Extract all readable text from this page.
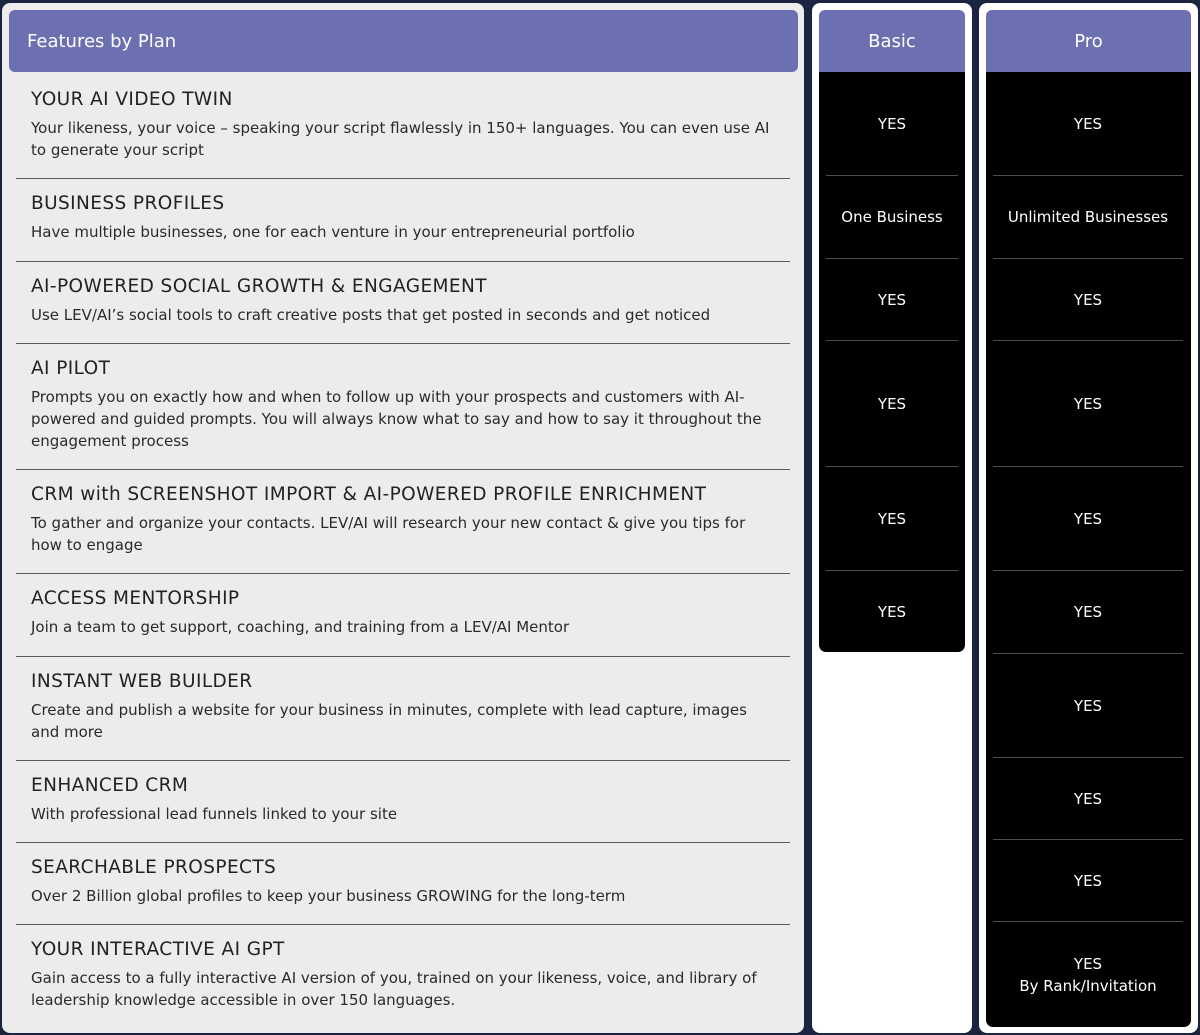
Features by Plan
YOUR AI VIDEO TWIN
Your likeness, your voice – speaking your script flawlessly in 150+ languages. You can even use AI to generate your script
BUSINESS PROFILES
Have multiple businesses, one for each venture in your entrepreneurial portfolio
AI-POWERED SOCIAL GROWTH & ENGAGEMENT
Use LEV/AI’s social tools to craft creative posts that get posted in seconds and get noticed
AI PILOT
Prompts you on exactly how and when to follow up with your prospects and customers with AI-powered and guided prompts. You will always know what to say and how to say it throughout the engagement process
CRM with SCREENSHOT IMPORT & AI-POWERED PROFILE ENRICHMENT
To gather and organize your contacts. LEV/AI will research your new contact & give you tips for how to engage
ACCESS MENTORSHIP
Join a team to get support, coaching, and training from a LEV/AI Mentor
INSTANT WEB BUILDER
Create and publish a website for your business in minutes, complete with lead capture, images and more
ENHANCED CRM
With professional lead funnels linked to your site
SEARCHABLE PROSPECTS
Over 2 Billion global profiles to keep your business GROWING for the long-term
YOUR INTERACTIVE AI GPT
Gain access to a fully interactive AI version of you, trained on your likeness, voice, and library of leadership knowledge accessible in over 150 languages.
Basic
YES
One Business
YES
YES
YES
YES
Pro
YES
Unlimited Businesses
YES
YES
YES
YES
YES
YES
YES
YES
By Rank/Invitation
